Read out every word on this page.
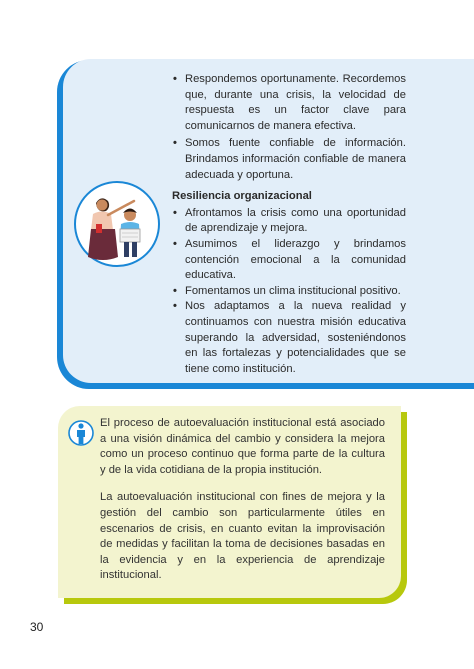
• Respondemos oportunamente. Recordemos que, durante una crisis, la velocidad de respuesta es un factor clave para comunicarnos de manera efectiva.
• Somos fuente confiable de información. Brindamos información confiable de manera adecuada y oportuna.
Resiliencia organizacional
• Afrontamos la crisis como una oportunidad de aprendizaje y mejora.
• Asumimos el liderazgo y brindamos contención emocional a la comunidad educativa.
• Fomentamos un clima institucional positivo.
• Nos adaptamos a la nueva realidad y continuamos con nuestra misión educativa superando la adversidad, sosteniéndonos en las fortalezas y potencialidades que se tiene como institución.

El proceso de autoevaluación institucional está asociado a una visión dinámica del cambio y considera la mejora como un proceso continuo que forma parte de la cultura y de la vida cotidiana de la propia institución.

La autoevaluación institucional con fines de mejora y la gestión del cambio son particularmente útiles en escenarios de crisis, en cuanto evitan la improvisación de medidas y facilitan la toma de decisiones basadas en la evidencia y en la experiencia de aprendizaje institucional.

30
